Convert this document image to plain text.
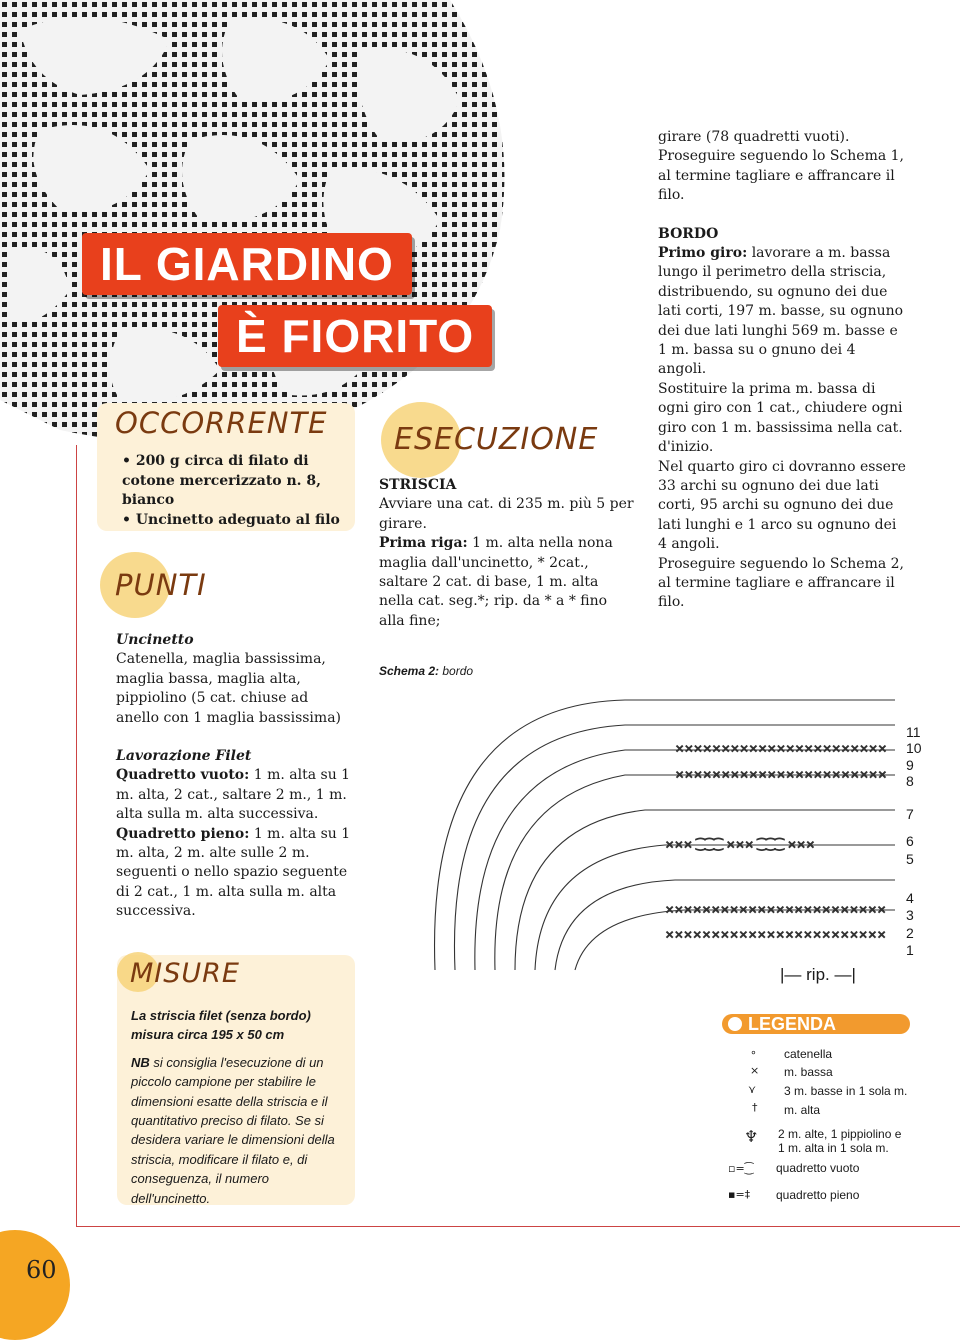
IL GIARDINO
È FIORITO
OCCORRENTE

• 200 g circa di filato di cotone mercerizzato n. 8, bianco

• Uncinetto adeguato al filo

PUNTI

Uncinetto

Catenella, maglia bassissima, maglia bassa, maglia alta, pippiolino (5 cat. chiuse ad anello con 1 maglia bassissima)

Lavorazione Filet

Quadretto vuoto: 1 m. alta su 1 m. alta, 2 cat., saltare 2 m., 1 m. alta sulla m. alta successiva.

Quadretto pieno: 1 m. alta su 1 m. alta, 2 m. alte sulle 2 m. seguenti o nello spazio seguente di 2 cat., 1 m. alta sulla m. alta successiva.

MISURE

La striscia filet (senza bordo) misura circa 195 x 50 cm

NB si consiglia l'esecuzione di un piccolo campione per stabilire le dimensioni esatte della striscia e il quantitativo preciso di filato. Se si desidera variare le dimensioni della striscia, modificare il filato e, di conseguenza, il numero dell'uncinetto.

ESECUZIONE

STRISCIA

Avviare una cat. di 235 m. più 5 per girare.

Prima riga: 1 m. alta nella nona maglia dall'uncinetto, * 2cat., saltare 2 cat. di base, 1 m. alta nella cat. seg.*; rip. da * a * fino alla fine;

girare (78 quadretti vuoti). Proseguire seguendo lo Schema 1, al termine tagliare e affrancare il filo.

BORDO

Primo giro: lavorare a m. bassa lungo il perimetro della striscia, distribuendo, su ognuno dei due lati corti, 197 m. basse, su ognuno dei due lati lunghi 569 m. basse e 1 m. bassa su o gnuno dei 4 angoli.

Sostituire la prima m. bassa di ogni giro con 1 cat., chiudere ogni giro con 1 m. bassissima nella cat. d'inizio.

Nel quarto giro ci dovranno essere 33 archi su ognuno dei due lati corti, 95 archi su ognuno dei due lati lunghi e 1 arco su ognuno dei 4 angoli.

Proseguire seguendo lo Schema 2, al termine tagliare e affrancare il filo.

Schema 2: bordo
×××××××××××××××××××××××
×××××××××××××××××××××××
××× ⁐⁐⁐ ××× ⁐⁐⁐ ×××
××××××××××××××××××××××××
××××××××××××××××××××××××
11
10
9
8
7
6
5
4
3
2
1
|— rip. —|
LEGENDA
∘ catenella
× m. bassa
⋎ 3 m. basse in 1 sola m.
† m. alta
♆ 2 m. alte, 1 pippiolino e 1 m. alta in 1 sola m.
▫=⁐ quadretto vuoto
▪=‡ quadretto pieno
60
